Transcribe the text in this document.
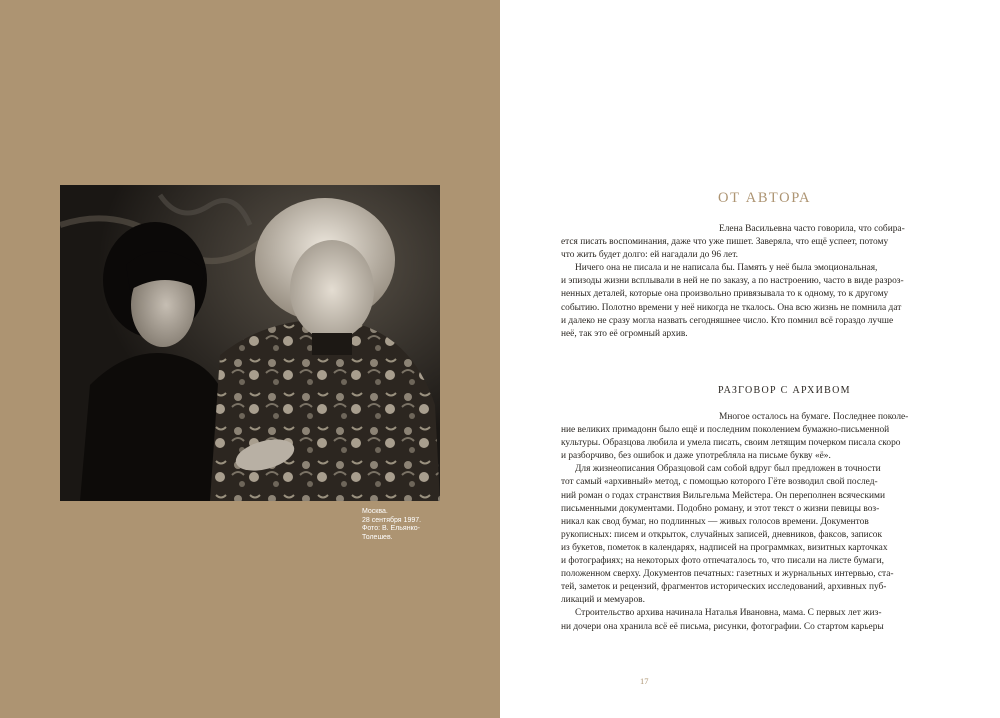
Москва.
28 сентября 1997.
Фото: В. Ельянко-
Толешев.
ОТ АВТОРА
Елена Васильевна часто говорила, что собира-
ется писать воспоминания, даже что уже пишет. Заверяла, что ещё успеет, потому
что жить будет долго: ей нагадали до 96 лет.
Ничего она не писала и не написала бы. Память у неё была эмоциональная,
и эпизоды жизни всплывали в ней не по заказу, а по настроению, часто в виде разроз-
ненных деталей, которые она произвольно привязывала то к одному, то к другому
событию. Полотно времени у неё никогда не ткалось. Она всю жизнь не помнила дат
и далеко не сразу могла назвать сегодняшнее число. Кто помнил всё гораздо лучше
неё, так это её огромный архив.
РАЗГОВОР С АРХИВОМ
Многое осталось на бумаге. Последнее поколе-
ние великих примадонн было ещё и последним поколением бумажно-письменной
культуры. Образцова любила и умела писать, своим летящим почерком писала скоро
и разборчиво, без ошибок и даже употребляла на письме букву «ё».
Для жизнеописания Образцовой сам собой вдруг был предложен в точности
тот самый «архивный» метод, с помощью которого Гёте возводил свой послед-
ний роман о годах странствия Вильгельма Мейстера. Он переполнен всяческими
письменными документами. Подобно роману, и этот текст о жизни певицы воз-
никал как свод бумаг, но подлинных — живых голосов времени. Документов
рукописных: писем и открыток, случайных записей, дневников, факсов, записок
из букетов, пометок в календарях, надписей на программках, визитных карточках
и фотографиях; на некоторых фото отпечаталось то, что писали на листе бумаги,
положенном сверху. Документов печатных: газетных и журнальных интервью, ста-
тей, заметок и рецензий, фрагментов исторических исследований, архивных пуб-
ликаций и мемуаров.
Строительство архива начинала Наталья Ивановна, мама. С первых лет жиз-
ни дочери она хранила всё её письма, рисунки, фотографии. Со стартом карьеры
17
